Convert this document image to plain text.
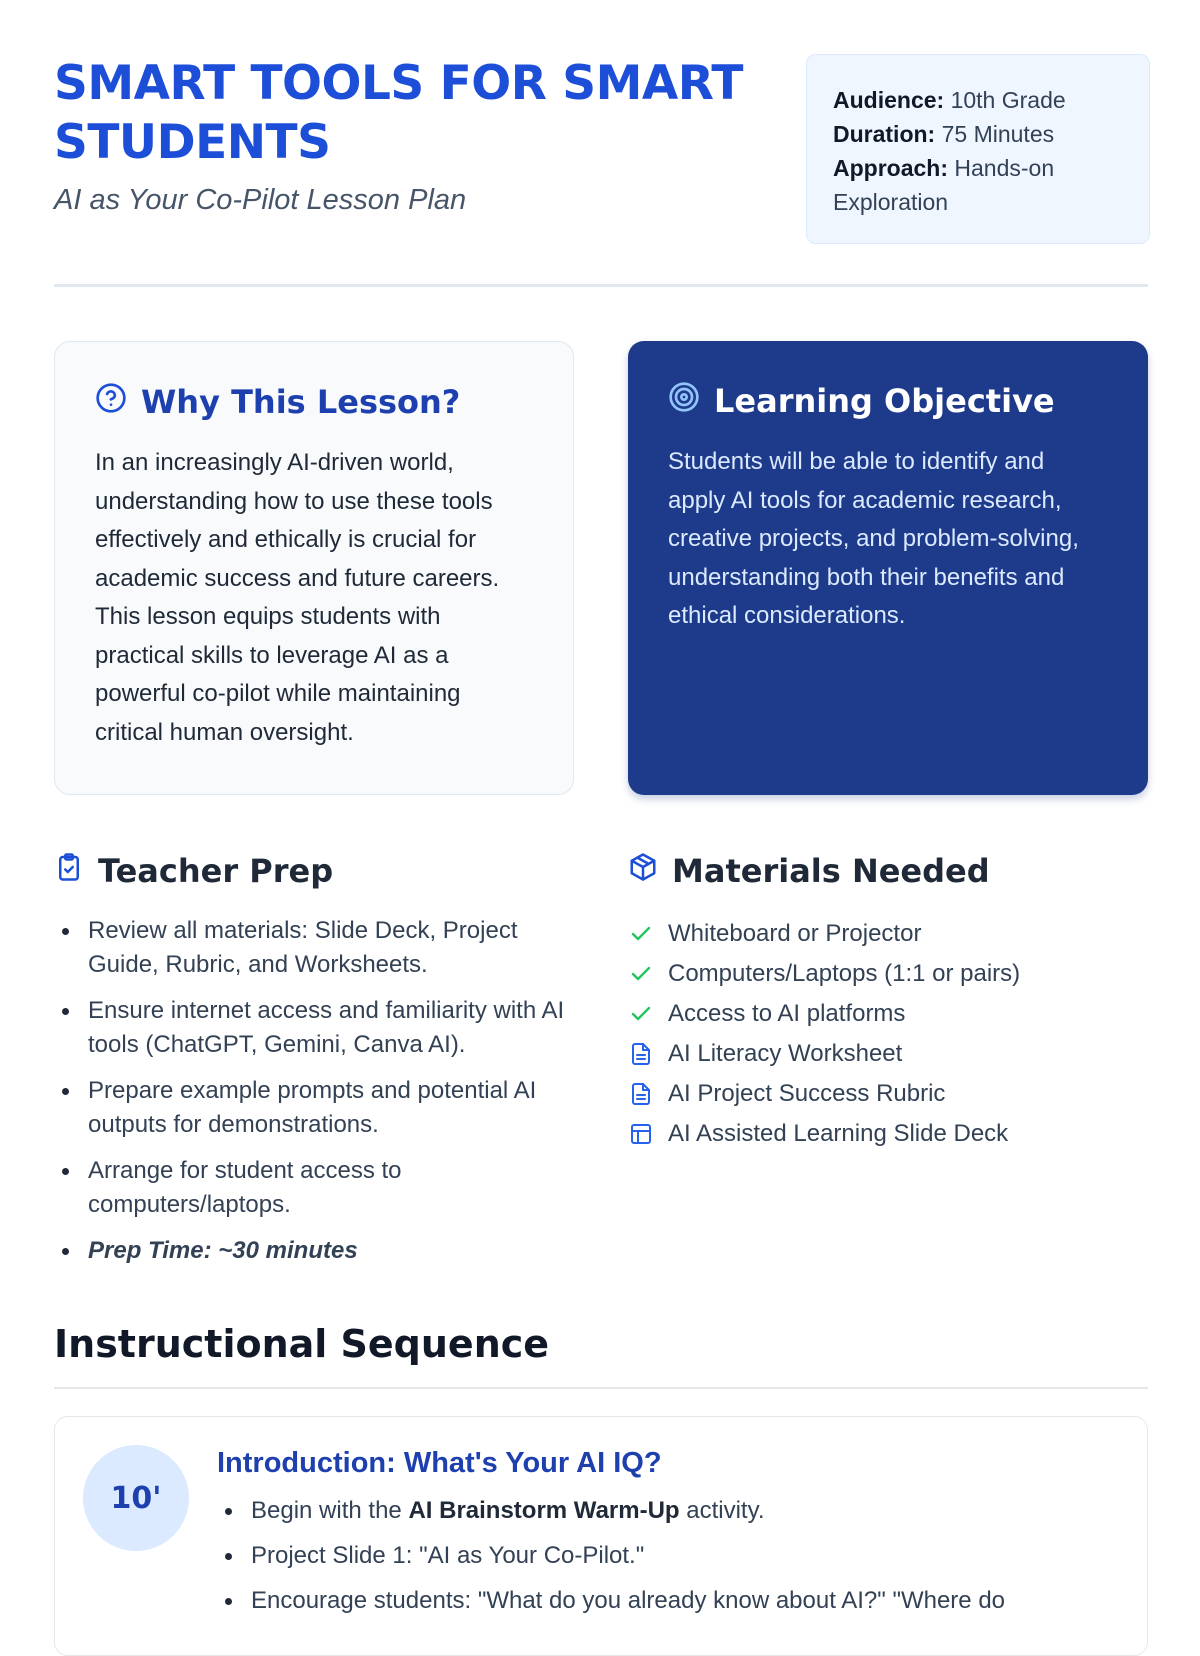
SMART TOOLS FOR SMART STUDENTS
AI as Your Co-Pilot Lesson Plan
Audience: 10th Grade
Duration: 75 Minutes
Approach: Hands-on Exploration
Why This Lesson?

In an increasingly AI-driven world, understanding how to use these tools effectively and ethically is crucial for academic success and future careers. This lesson equips students with practical skills to leverage AI as a powerful co-pilot while maintaining critical human oversight.

Learning Objective

Students will be able to identify and apply AI tools for academic research, creative projects, and problem-solving, understanding both their benefits and ethical considerations.

Teacher Prep
Review all materials: Slide Deck, Project Guide, Rubric, and Worksheets.
Ensure internet access and familiarity with AI tools (ChatGPT, Gemini, Canva AI).
Prepare example prompts and potential AI outputs for demonstrations.
Arrange for student access to computers/laptops.
Prep Time: ~30 minutes
Materials Needed
Whiteboard or Projector
Computers/Laptops (1:1 or pairs)
Access to AI platforms
AI Literacy Worksheet
AI Project Success Rubric
AI Assisted Learning Slide Deck
Instructional Sequence
10'
Introduction: What's Your AI IQ?
Begin with the AI Brainstorm Warm-Up activity.
Project Slide 1: "AI as Your Co-Pilot."
Encourage students: "What do you already know about AI?" "Where do
